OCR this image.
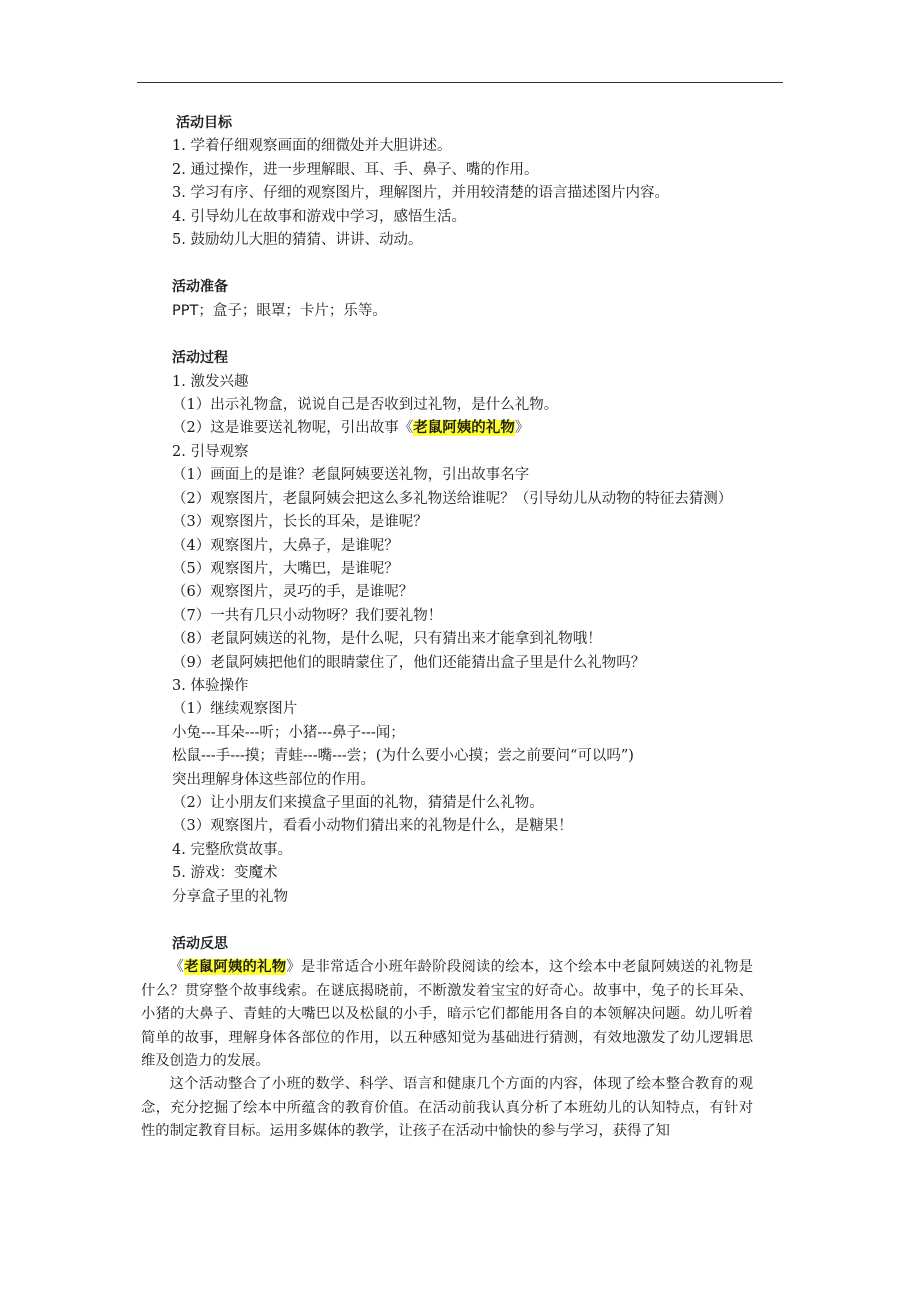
活动目标

1. 学着仔细观察画面的细微处并大胆讲述。

2. 通过操作，进一步理解眼、耳、手、鼻子、嘴的作用。

3. 学习有序、仔细的观察图片，理解图片，并用较清楚的语言描述图片内容。

4. 引导幼儿在故事和游戏中学习，感悟生活。

5. 鼓励幼儿大胆的猜猜、讲讲、动动。

活动准备

PPT；盒子；眼罩；卡片；乐等。

活动过程

1. 激发兴趣

（1）出示礼物盒，说说自己是否收到过礼物，是什么礼物。

（2）这是谁要送礼物呢，引出故事《老鼠阿姨的礼物》

2. 引导观察

（1）画面上的是谁？老鼠阿姨要送礼物，引出故事名字

（2）观察图片，老鼠阿姨会把这么多礼物送给谁呢？（引导幼儿从动物的特征去猜测）

（3）观察图片，长长的耳朵，是谁呢？

（4）观察图片，大鼻子，是谁呢？

（5）观察图片，大嘴巴，是谁呢？

（6）观察图片，灵巧的手，是谁呢？

（7）一共有几只小动物呀？我们要礼物！

（8）老鼠阿姨送的礼物，是什么呢，只有猜出来才能拿到礼物哦！

（9）老鼠阿姨把他们的眼睛蒙住了，他们还能猜出盒子里是什么礼物吗？

3. 体验操作

（1）继续观察图片

小兔---耳朵---听；小猪---鼻子---闻；

松鼠---手---摸；青蛙---嘴---尝；(为什么要小心摸；尝之前要问“可以吗”)

突出理解身体这些部位的作用。

（2）让小朋友们来摸盒子里面的礼物，猜猜是什么礼物。

（3）观察图片，看看小动物们猜出来的礼物是什么，是糖果！

4. 完整欣赏故事。

5. 游戏：变魔术

分享盒子里的礼物

活动反思

《老鼠阿姨的礼物》是非常适合小班年龄阶段阅读的绘本，这个绘本中老鼠阿姨送的礼物是什么？贯穿整个故事线索。在谜底揭晓前，不断激发着宝宝的好奇心。故事中，兔子的长耳朵、小猪的大鼻子、青蛙的大嘴巴以及松鼠的小手，暗示它们都能用各自的本领解决问题。幼儿听着简单的故事，理解身体各部位的作用，以五种感知觉为基础进行猜测，有效地激发了幼儿逻辑思维及创造力的发展。

这个活动整合了小班的数学、科学、语言和健康几个方面的内容，体现了绘本整合教育的观念，充分挖掘了绘本中所蕴含的教育价值。在活动前我认真分析了本班幼儿的认知特点，有针对性的制定教育目标。运用多媒体的教学，让孩子在活动中愉快的参与学习，获得了知
